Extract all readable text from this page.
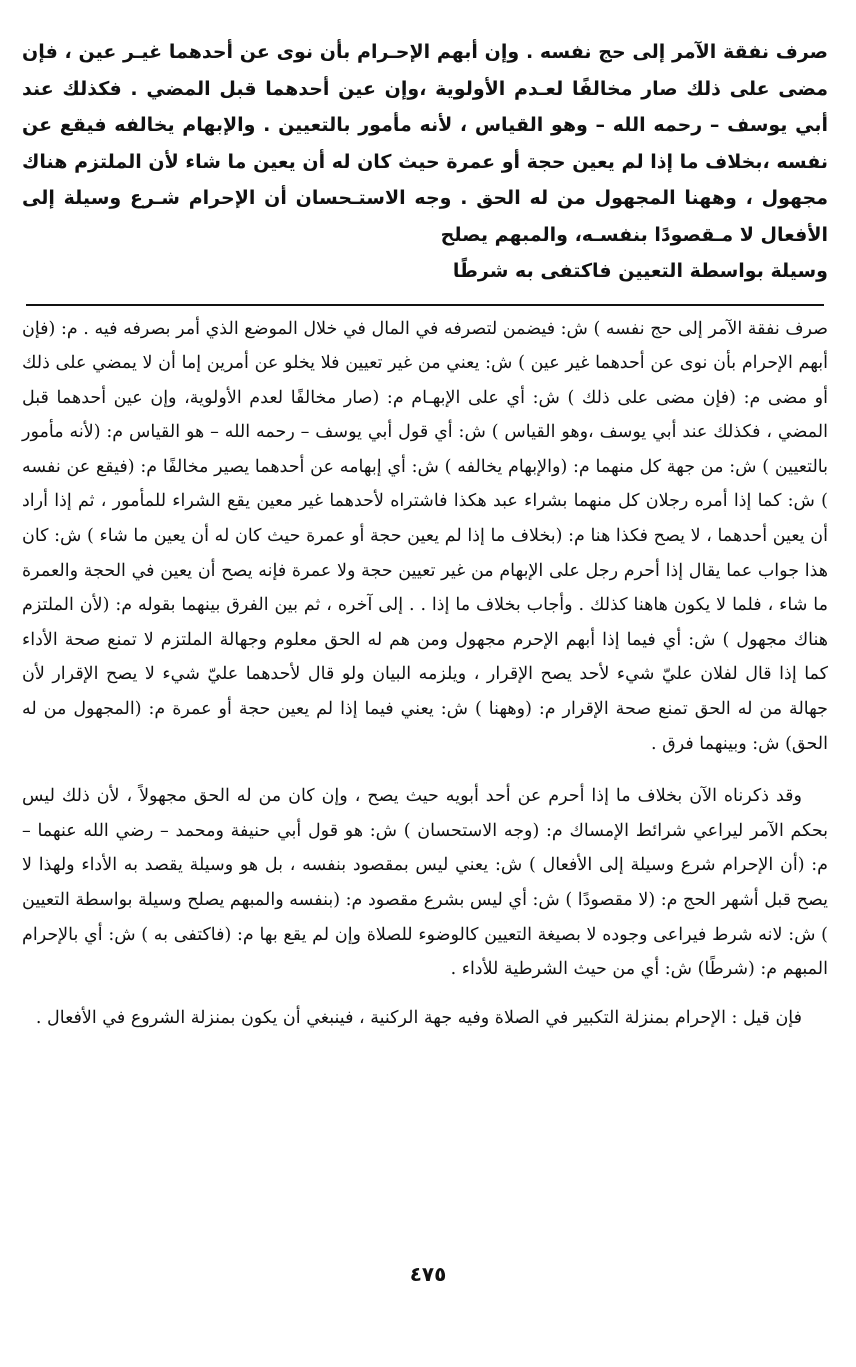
صرف نفقة الآمر إلى حج نفسه . وإن أبهم الإحـرام بأن نوى عن أحدهما غيـر عين ، فإن مضى على ذلك صار مخالفًا لعـدم الأولوية ،وإن عين أحدهما قبل المضي . فكذلك عند أبي يوسف – رحمه الله – وهو القياس ، لأنه مأمور بالتعيين . والإبهام يخالفه فيقع عن نفسه ،بخلاف ما إذا لم يعين حجة أو عمرة حيث كان له أن يعين ما شاء لأن الملتزم هناك مجهول ، وههنا المجهول من له الحق . وجه الاستـحسان أن الإحرام شـرع وسيلة إلى الأفعال لا مـقصودًا بنفسـه، والمبهم يصلح
وسيلة بواسطة التعيين فاكتفى به شرطًا

صرف نفقة الآمر إلى حج نفسه ) ش: فيضمن لتصرفه في المال في خلال الموضع الذي أمر بصرفه فيه . م: (فإن أبهم الإحرام بأن نوى عن أحدهما غير عين ) ش: يعني من غير تعيين فلا يخلو عن أمرين إما أن لا يمضي على ذلك أو مضى م: (فإن مضى على ذلك ) ش: أي على الإبهـام م: (صار مخالفًا لعدم الأولوية، وإن عين أحدهما قبل المضي ، فكذلك عند أبي يوسف ،وهو القياس ) ش: أي قول أبي يوسف – رحمه الله – هو القياس م: (لأنه مأمور بالتعيين ) ش: من جهة كل منهما م: (والإبهام يخالفه ) ش: أي إبهامه عن أحدهما يصير مخالفًا م: (فيقع عن نفسه ) ش: كما إذا أمره رجلان كل منهما بشراء عبد هكذا فاشتراه لأحدهما غير معين يقع الشراء للمأمور ، ثم إذا أراد أن يعين أحدهما ، لا يصح فكذا هنا م: (بخلاف ما إذا لم يعين حجة أو عمرة حيث كان له أن يعين ما شاء ) ش: كان هذا جواب عما يقال إذا أحرم رجل على الإبهام من غير تعيين حجة ولا عمرة فإنه يصح أن يعين في الحجة والعمرة ما شاء ، فلما لا يكون هاهنا كذلك . وأجاب بخلاف ما إذا . . إلى آخره ، ثم بين الفرق بينهما بقوله م: (لأن الملتزم هناك مجهول ) ش: أي فيما إذا أبهم الإحرم مجهول ومن هم له الحق معلوم وجهالة الملتزم لا تمنع صحة الأداء كما إذا قال لفلان عليّ شيء لأحد يصح الإقرار ، ويلزمه البيان ولو قال لأحدهما عليّ شيء لا يصح الإقرار لأن جهالة من له الحق تمنع صحة الإقرار م: (وههنا ) ش: يعني فيما إذا لم يعين حجة أو عمرة م: (المجهول من له الحق) ش: وبينهما فرق .

وقد ذكرناه الآن بخلاف ما إذا أحرم عن أحد أبويه حيث يصح ، وإن كان من له الحق مجهولاً ، لأن ذلك ليس بحكم الآمر ليراعي شرائط الإمساك م: (وجه الاستحسان ) ش: هو قول أبي حنيفة ومحمد – رضي الله عنهما – م: (أن الإحرام شرع وسيلة إلى الأفعال ) ش: يعني ليس بمقصود بنفسه ، بل هو وسيلة يقصد به الأداء ولهذا لا يصح قبل أشهر الحج م: (لا مقصودًا ) ش: أي ليس بشرع مقصود م: (بنفسه والمبهم يصلح وسيلة بواسطة التعيين ) ش: لانه شرط فيراعى وجوده لا بصيغة التعيين كالوضوء للصلاة وإن لم يقع بها م: (فاكتفى به ) ش: أي بالإحرام المبهم م: (شرطًا) ش: أي من حيث الشرطية للأداء .

فإن قيل : الإحرام بمنزلة التكبير في الصلاة وفيه جهة الركنية ، فينبغي أن يكون بمنزلة الشروع في الأفعال .

٤٧٥
